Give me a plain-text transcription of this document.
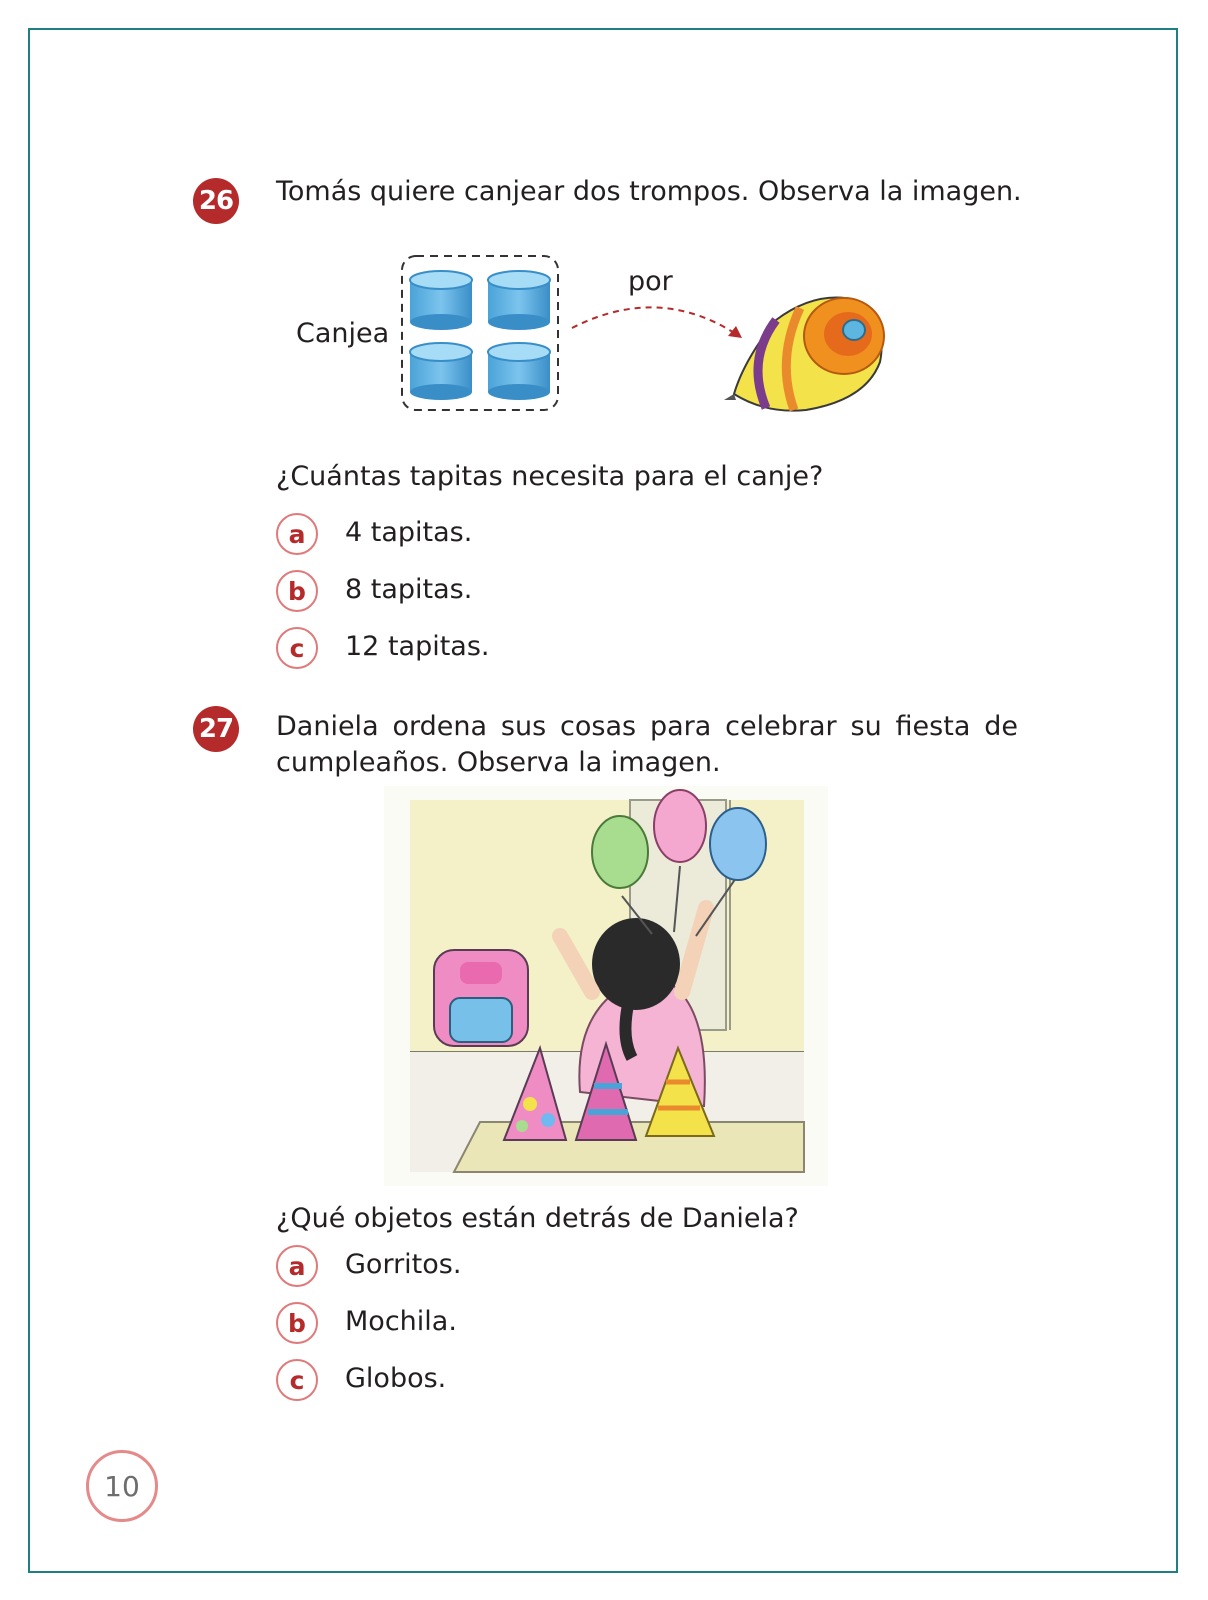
26 Tomás quiere canjear dos trompos. Observa la imagen.
Canjea
por
¿Cuántas tapitas necesita para el canje?
a	4 tapitas.
b	8 tapitas.
c	12 tapitas.
27 Daniela ordena sus cosas para celebrar su fiesta de
cumpleaños. Observa la imagen.
¿Qué objetos están detrás de Daniela?
a	Gorritos.
b	Mochila.
c	Globos.
10
